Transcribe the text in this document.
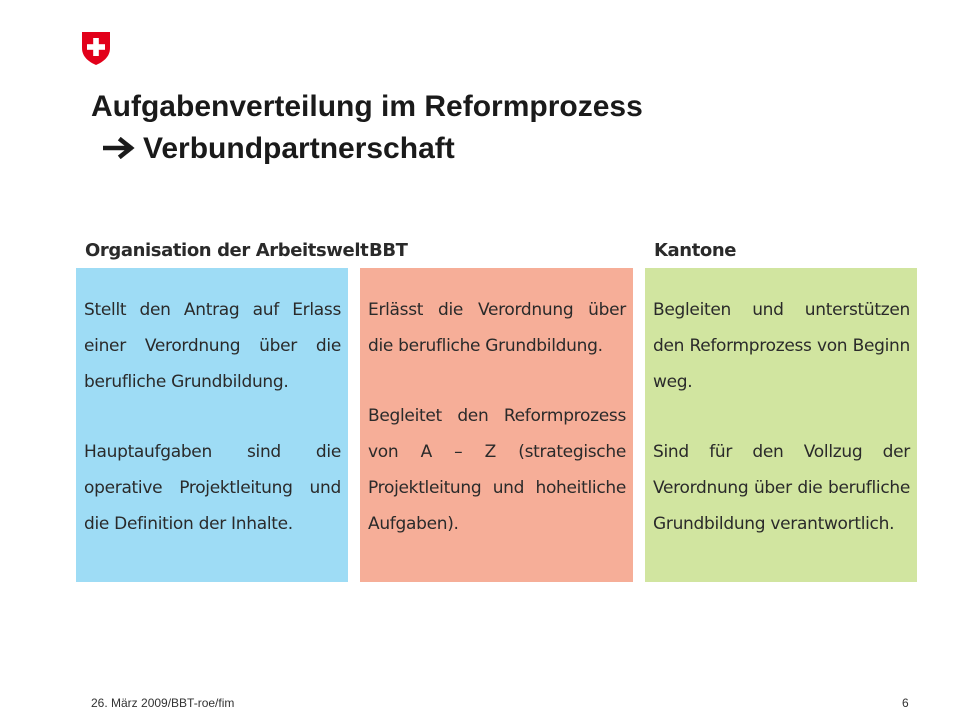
Aufgabenverteilung im Reformprozess
Verbundpartnerschaft
Organisation der Arbeitswelt
Stellt den Antrag auf Erlass einer Verordnung über die berufliche Grundbildung.
Hauptaufgaben sind die operative Projektleitung und die Definition der Inhalte.
BBT
Erlässt die Verordnung über die berufliche Grundbildung.
Begleitet den Reformprozess von A – Z (strategische Projektleitung und hoheitliche Aufgaben).
Kantone
Begleiten und unterstützen den Reformprozess von Beginn weg.
Sind für den Vollzug der Verordnung über die berufliche Grundbildung verantwortlich.
26. März 2009/BBT-roe/fim	6
